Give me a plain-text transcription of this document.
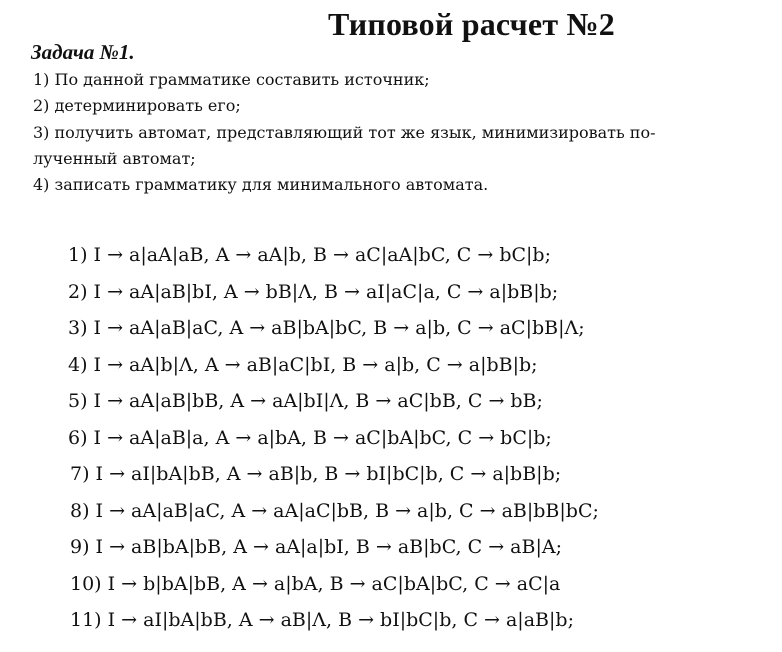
Типовой расчет №2
Задача №1.
1) По данной грамматике составить источник;
2) детерминировать его;
3) получить автомат, представляющий тот же язык, минимизировать по-
лученный автомат;
4) записать грамматику для минимального автомата.
1) I → a|aA|aB, A → aA|b, B → aC|aA|bC, C → bC|b;
2) I → aA|aB|bI, A → bB|Λ, B → aI|aC|a, C → a|bB|b;
3) I → aA|aB|aC, A → aB|bA|bC, B → a|b, C → aC|bB|Λ;
4) I → aA|b|Λ, A → aB|aC|bI, B → a|b, C → a|bB|b;
5) I → aA|aB|bB, A → aA|bI|Λ, B → aC|bB, C → bB;
6) I → aA|aB|a, A → a|bA, B → aC|bA|bC, C → bC|b;
7) I → aI|bA|bB, A → aB|b, B → bI|bC|b, C → a|bB|b;
8) I → aA|aB|aC, A → aA|aC|bB, B → a|b, C → aB|bB|bC;
9) I → aB|bA|bB, A → aA|a|bI, B → aB|bC, C → aB|A;
10) I → b|bA|bB, A → a|bA, B → aC|bA|bC, C → aC|a
11) I → aI|bA|bB, A → aB|Λ, B → bI|bC|b, C → a|aB|b;
